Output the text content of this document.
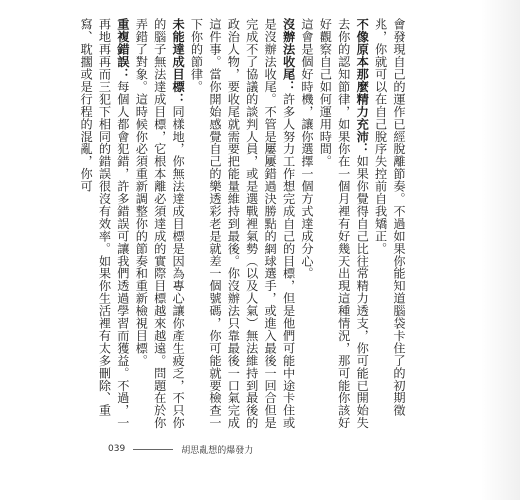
會發現自己的運作已經脫離節奏。不過如果你能知道腦袋卡住了的初期徵兆，你就可以在自己脫序失控前自我矯正。
不像原本那麼精力充沛：如果你覺得自己比往常精力透支，你可能已開始失去你的認知節律，如果你在一個月裡有好幾天出現這種情況，那可能你該好好觀察自己如何運用時間。
這會是個好時機，讓你選擇一個方式達成分心。
沒辦法收尾：許多人努力工作想完成自己的目標，但是他們可能中途卡住或是沒辦法收尾。不管是屢屢錯過決勝點的網球選手，或進入最後一回合但是完成不了協議的談判人員，或是選戰裡氣勢（以及人氣）無法維持到最後的政治人物，要收尾就需要把能量維持到最後。你沒辦法只靠最後一口氣完成這件事。當你開始感覺自己的樂透彩老是就差一個號碼，你可能就要檢查一下你的節律。
未能達成目標：同樣地，你無法達成目標是因為專心讓你產生疲乏，不只你的腦子無法達成目標，它根本離必須達成的實際目標越來越遠。問題在於你弄錯了對象。這時候你必須重新調整你的節奏和重新檢視目標。
重複錯誤：每個人都會犯錯，許多錯誤可讓我們透過學習而獲益。不過，一再地再再而三犯下相同的錯誤很沒有效率。如果你生活裡有太多刪除、重寫、耽擱或是行程的混亂，你可
039	胡思亂想的爆發力
